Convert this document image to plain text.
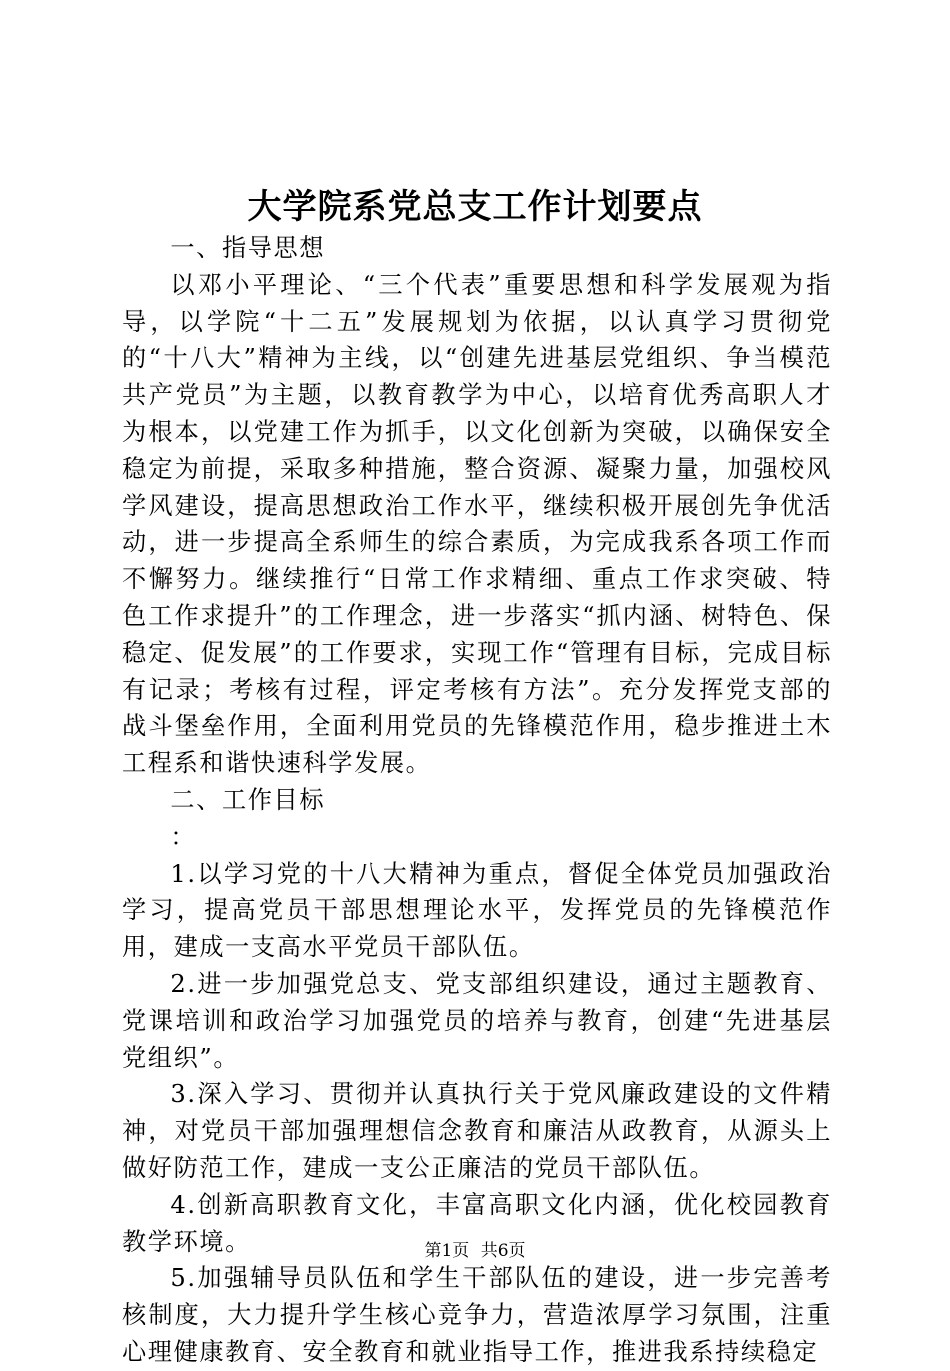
大学院系党总支工作计划要点

一、指导思想

以邓小平理论、“三个代表”重要思想和科学发展观为指导，以学院“十二五”发展规划为依据，以认真学习贯彻党的“十八大”精神为主线，以“创建先进基层党组织、争当模范共产党员”为主题，以教育教学为中心，以培育优秀高职人才为根本，以党建工作为抓手，以文化创新为突破，以确保安全稳定为前提，采取多种措施，整合资源、凝聚力量，加强校风学风建设，提高思想政治工作水平，继续积极开展创先争优活动，进一步提高全系师生的综合素质，为完成我系各项工作而不懈努力。继续推行“日常工作求精细、重点工作求突破、特色工作求提升”的工作理念，进一步落实“抓内涵、树特色、保稳定、促发展”的工作要求，实现工作“管理有目标，完成目标有记录；考核有过程，评定考核有方法”。充分发挥党支部的战斗堡垒作用，全面利用党员的先锋模范作用，稳步推进土木工程系和谐快速科学发展。

二、工作目标

：

1.以学习党的十八大精神为重点，督促全体党员加强政治学习，提高党员干部思想理论水平，发挥党员的先锋模范作用，建成一支高水平党员干部队伍。

2.进一步加强党总支、党支部组织建设，通过主题教育、党课培训和政治学习加强党员的培养与教育，创建“先进基层党组织”。

3.深入学习、贯彻并认真执行关于党风廉政建设的文件精神，对党员干部加强理想信念教育和廉洁从政教育，从源头上做好防范工作，建成一支公正廉洁的党员干部队伍。

4.创新高职教育文化，丰富高职文化内涵，优化校园教育教学环境。

5.加强辅导员队伍和学生干部队伍的建设，进一步完善考核制度，大力提升学生核心竞争力，营造浓厚学习氛围，注重心理健康教育、安全教育和就业指导工作，推进我系持续稳定

第1页 共6页
